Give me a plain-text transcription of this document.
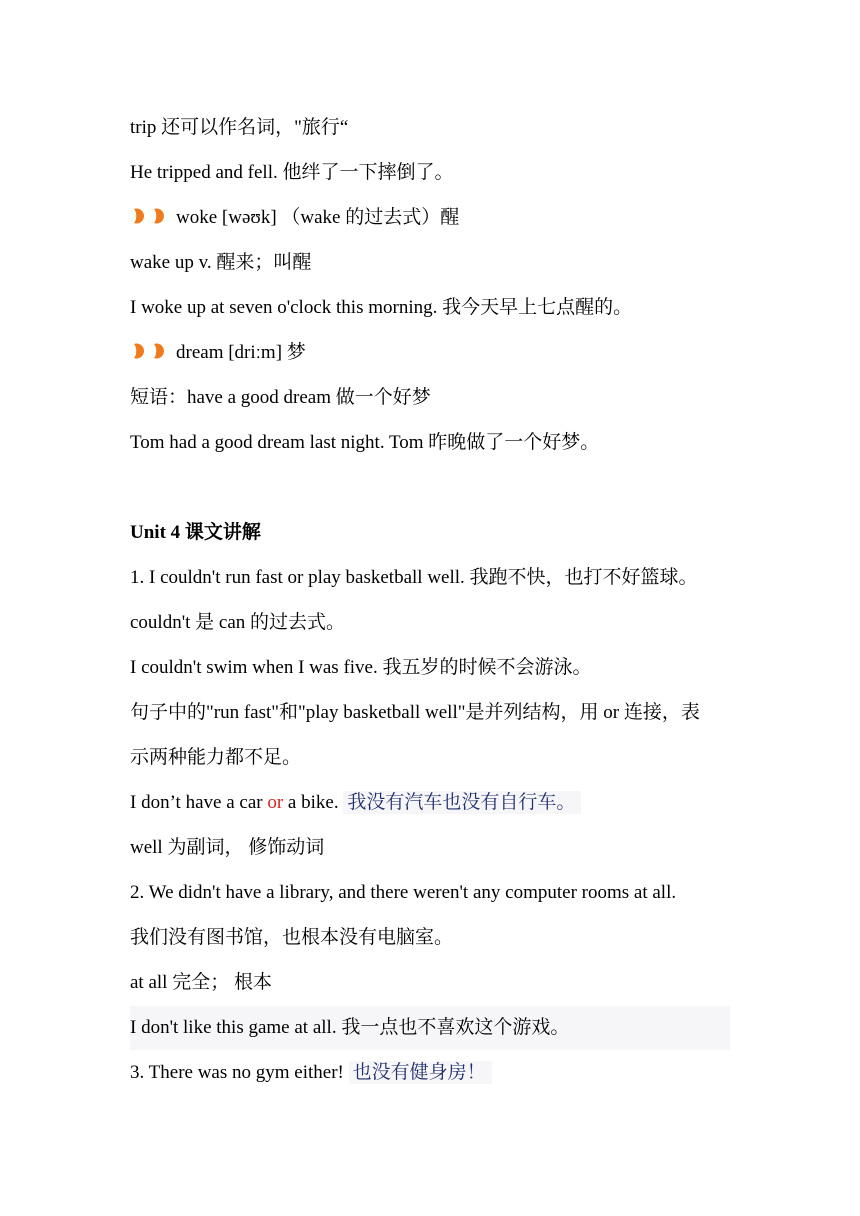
trip 还可以作名词，"旅行“
He tripped and fell. 他绊了一下摔倒了。
woke [wəʊk] （wake 的过去式）醒
wake up v. 醒来；叫醒
I woke up at seven o'clock this morning. 我今天早上七点醒的。
dream [driːm] 梦
短语：have a good dream 做一个好梦
Tom had a good dream last night. Tom 昨晚做了一个好梦。
Unit 4 课文讲解
1. I couldn't run fast or play basketball well. 我跑不快，也打不好篮球。
couldn't 是 can 的过去式。
I couldn't swim when I was five. 我五岁的时候不会游泳。
句子中的"run fast"和"play basketball well"是并列结构，用 or 连接，表
示两种能力都不足。
I don’t have a car or a bike. 我没有汽车也没有自行车。
well 为副词， 修饰动词
2. We didn't have a library, and there weren't any computer rooms at all.
我们没有图书馆，也根本没有电脑室。
at all 完全； 根本
I don't like this game at all. 我一点也不喜欢这个游戏。
3. There was no gym either! 也没有健身房！
